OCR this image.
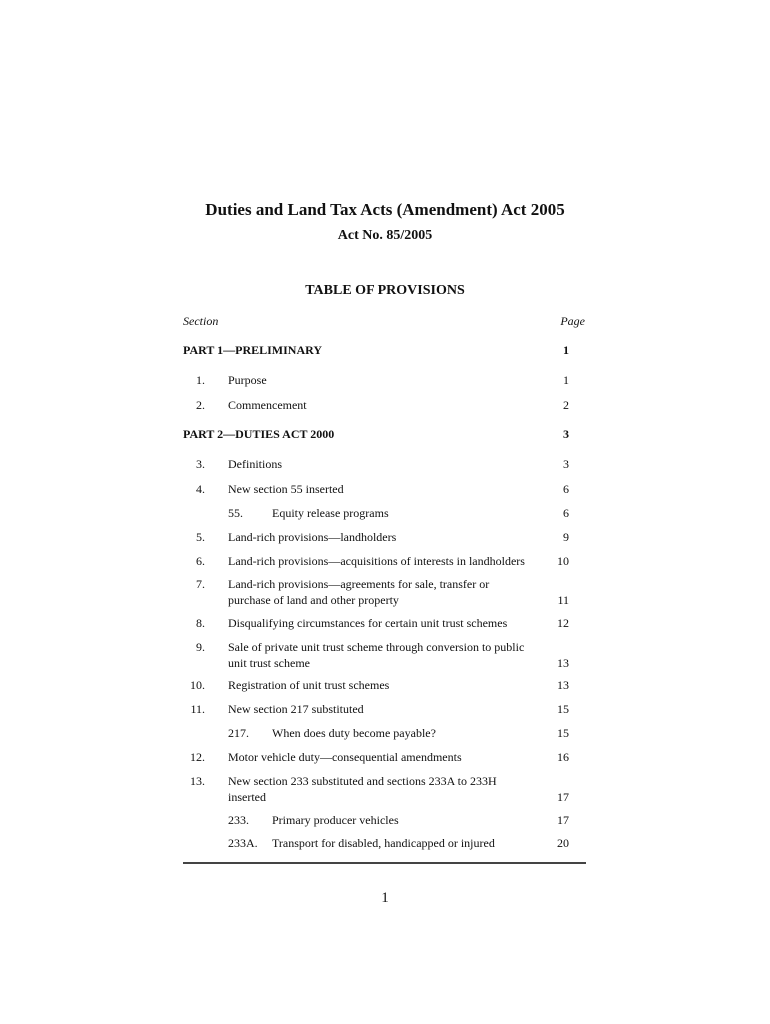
Duties and Land Tax Acts (Amendment) Act 2005
Act No. 85/2005
TABLE OF PROVISIONS
Section	Page
PART 1—PRELIMINARY	1
1. Purpose	1
2. Commencement	2
PART 2—DUTIES ACT 2000	3
3. Definitions	3
4. New section 55 inserted	6
55. Equity release programs	6
5. Land-rich provisions—landholders	9
6. Land-rich provisions—acquisitions of interests in landholders	10
7. Land-rich provisions—agreements for sale, transfer or
purchase of land and other property	11
8. Disqualifying circumstances for certain unit trust schemes	12
9. Sale of private unit trust scheme through conversion to public
unit trust scheme	13
10. Registration of unit trust schemes	13
11. New section 217 substituted	15
217. When does duty become payable?	15
12. Motor vehicle duty—consequential amendments	16
13. New section 233 substituted and sections 233A to 233H
inserted	17
233. Primary producer vehicles	17
233A. Transport for disabled, handicapped or injured	20
1
